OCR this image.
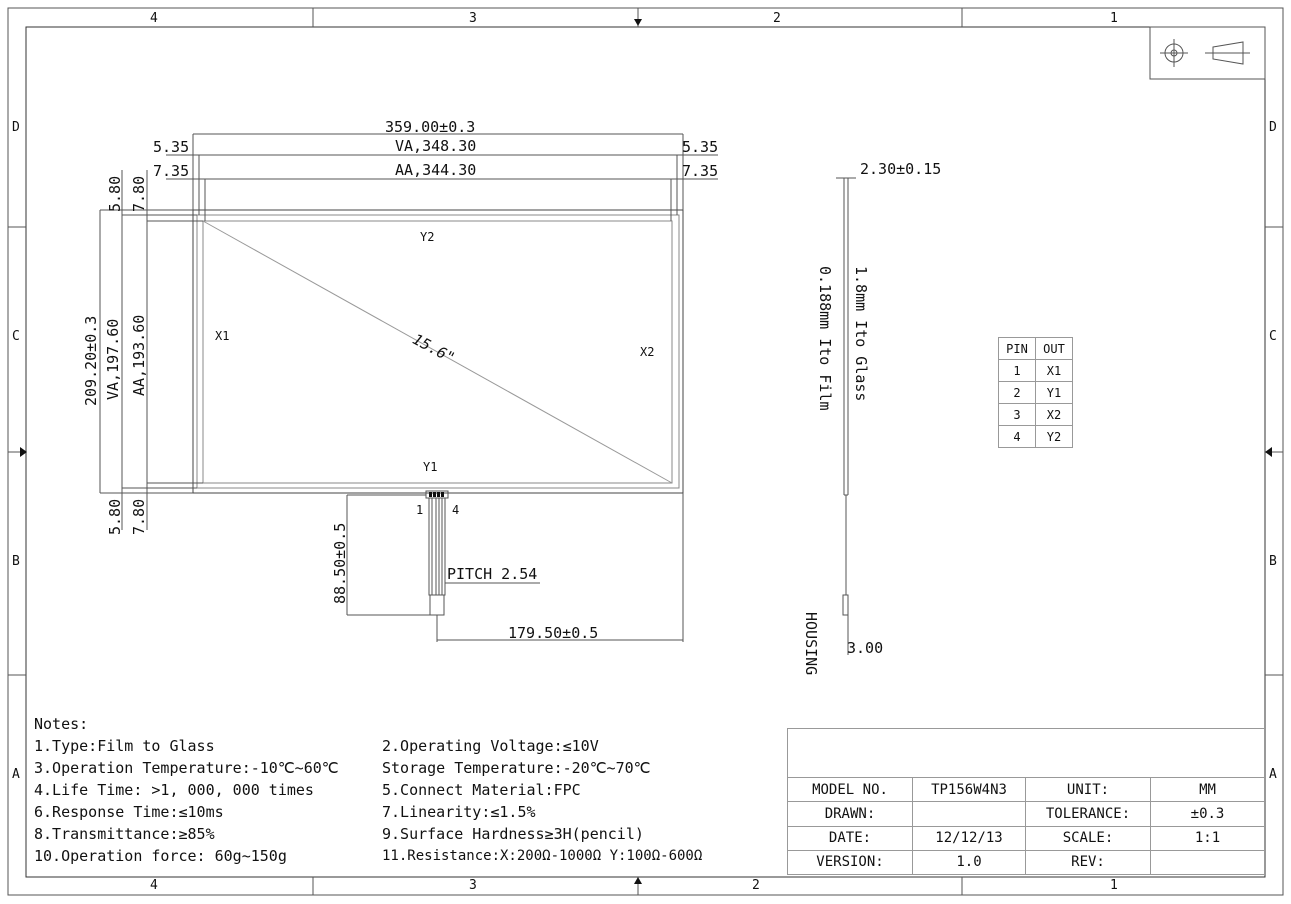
4	3	2	1
4	3	2	1
D
C
B
A
D
C
B
A
359.00±0.3
VA,348.30
AA,344.30
5.35
7.35
5.35
7.35
209.20±0.3 VA,197.60 AA,193.60
5.80 7.80
5.80 7.80
Y2
Y1
X1
X2
15.6"
1 4
88.50±0.5	PITCH 2.54
179.50±0.5
2.30±0.15
1.8mm Ito Glass
0.188mm Ito Film
HOUSING 3.00
PIN	OUT
1	X1
2	Y1
3	X2
4	Y2
Notes:
1.Type:Film to Glass	2.Operating Voltage:≤10V
3.Operation Temperature:-10℃~60℃	Storage Temperature:-20℃~70℃
4.Life Time: >1, 000, 000 times	5.Connect Material:FPC
6.Response Time:≤10ms	7.Linearity:≤1.5%
8.Transmittance:≥85%	9.Surface Hardness≥3H(pencil)
10.Operation force: 60g~150g	11.Resistance:X:200Ω-1000Ω Y:100Ω-600Ω

MODEL NO.	TP156W4N3	UNIT:	MM
DRAWN:		TOLERANCE:	±0.3
DATE:	12/12/13	SCALE:	1:1
VERSION:	1.0	REV:	
